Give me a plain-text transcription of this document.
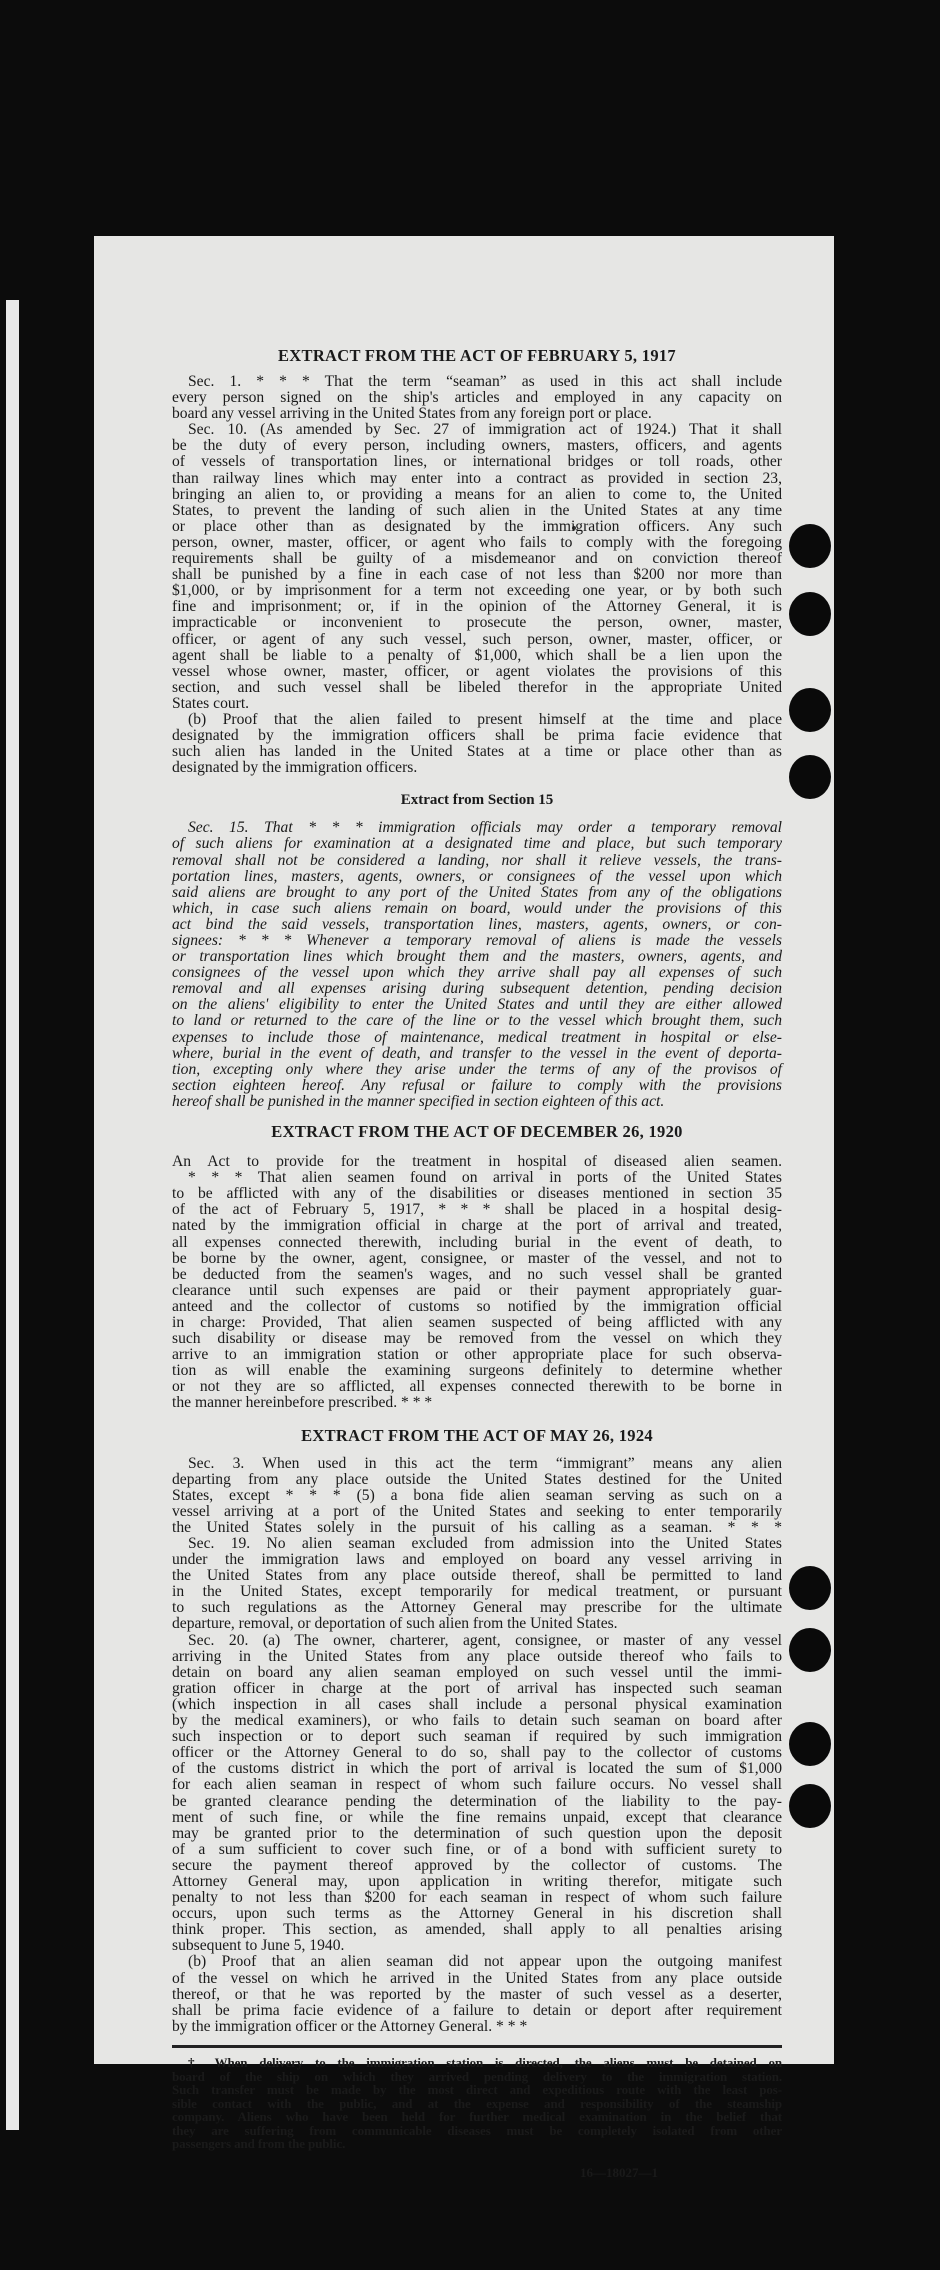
EXTRACT FROM THE ACT OF FEBRUARY 5, 1917
Sec. 1. * * * That the term “seaman” as used in this act shall include
every person signed on the ship's articles and employed in any capacity on
board any vessel arriving in the United States from any foreign port or place.
Sec. 10. (As amended by Sec. 27 of immigration act of 1924.) That it shall
be the duty of every person, including owners, masters, officers, and agents
of vessels of transportation lines, or international bridges or toll roads, other
than railway lines which may enter into a contract as provided in section 23,
bringing an alien to, or providing a means for an alien to come to, the United
States, to prevent the landing of such alien in the United States at any time
or place other than as designated by the immigration officers. Any such
person, owner, master, officer, or agent who fails to comply with the foregoing
requirements shall be guilty of a misdemeanor and on conviction thereof
shall be punished by a fine in each case of not less than $200 nor more than
$1,000, or by imprisonment for a term not exceeding one year, or by both such
fine and imprisonment; or, if in the opinion of the Attorney General, it is
impracticable or inconvenient to prosecute the person, owner, master,
officer, or agent of any such vessel, such person, owner, master, officer, or
agent shall be liable to a penalty of $1,000, which shall be a lien upon the
vessel whose owner, master, officer, or agent violates the provisions of this
section, and such vessel shall be libeled therefor in the appropriate United
States court.
(b) Proof that the alien failed to present himself at the time and place
designated by the immigration officers shall be prima facie evidence that
such alien has landed in the United States at a time or place other than as
designated by the immigration officers.
Extract from Section 15
Sec. 15. That * * * immigration officials may order a temporary removal
of such aliens for examination at a designated time and place, but such temporary
removal shall not be considered a landing, nor shall it relieve vessels, the trans-
portation lines, masters, agents, owners, or consignees of the vessel upon which
said aliens are brought to any port of the United States from any of the obligations
which, in case such aliens remain on board, would under the provisions of this
act bind the said vessels, transportation lines, masters, agents, owners, or con-
signees: * * * Whenever a temporary removal of aliens is made the vessels
or transportation lines which brought them and the masters, owners, agents, and
consignees of the vessel upon which they arrive shall pay all expenses of such
removal and all expenses arising during subsequent detention, pending decision
on the aliens' eligibility to enter the United States and until they are either allowed
to land or returned to the care of the line or to the vessel which brought them, such
expenses to include those of maintenance, medical treatment in hospital or else-
where, burial in the event of death, and transfer to the vessel in the event of deporta-
tion, excepting only where they arise under the terms of any of the provisos of
section eighteen hereof. Any refusal or failure to comply with the provisions
hereof shall be punished in the manner specified in section eighteen of this act.
EXTRACT FROM THE ACT OF DECEMBER 26, 1920
An Act to provide for the treatment in hospital of diseased alien seamen.
* * * That alien seamen found on arrival in ports of the United States
to be afflicted with any of the disabilities or diseases mentioned in section 35
of the act of February 5, 1917, * * * shall be placed in a hospital desig-
nated by the immigration official in charge at the port of arrival and treated,
all expenses connected therewith, including burial in the event of death, to
be borne by the owner, agent, consignee, or master of the vessel, and not to
be deducted from the seamen's wages, and no such vessel shall be granted
clearance until such expenses are paid or their payment appropriately guar-
anteed and the collector of customs so notified by the immigration official
in charge: Provided, That alien seamen suspected of being afflicted with any
such disability or disease may be removed from the vessel on which they
arrive to an immigration station or other appropriate place for such observa-
tion as will enable the examining surgeons definitely to determine whether
or not they are so afflicted, all expenses connected therewith to be borne in
the manner hereinbefore prescribed. * * *
EXTRACT FROM THE ACT OF MAY 26, 1924
Sec. 3. When used in this act the term “immigrant” means any alien
departing from any place outside the United States destined for the United
States, except * * * (5) a bona fide alien seaman serving as such on a
vessel arriving at a port of the United States and seeking to enter temporarily
the United States solely in the pursuit of his calling as a seaman. * * *
Sec. 19. No alien seaman excluded from admission into the United States
under the immigration laws and employed on board any vessel arriving in
the United States from any place outside thereof, shall be permitted to land
in the United States, except temporarily for medical treatment, or pursuant
to such regulations as the Attorney General may prescribe for the ultimate
departure, removal, or deportation of such alien from the United States.
Sec. 20. (a) The owner, charterer, agent, consignee, or master of any vessel
arriving in the United States from any place outside thereof who fails to
detain on board any alien seaman employed on such vessel until the immi-
gration officer in charge at the port of arrival has inspected such seaman
(which inspection in all cases shall include a personal physical examination
by the medical examiners), or who fails to detain such seaman on board after
such inspection or to deport such seaman if required by such immigration
officer or the Attorney General to do so, shall pay to the collector of customs
of the customs district in which the port of arrival is located the sum of $1,000
for each alien seaman in respect of whom such failure occurs. No vessel shall
be granted clearance pending the determination of the liability to the pay-
ment of such fine, or while the fine remains unpaid, except that clearance
may be granted prior to the determination of such question upon the deposit
of a sum sufficient to cover such fine, or of a bond with sufficient surety to
secure the payment thereof approved by the collector of customs. The
Attorney General may, upon application in writing therefor, mitigate such
penalty to not less than $200 for each seaman in respect of whom such failure
occurs, upon such terms as the Attorney General in his discretion shall
think proper. This section, as amended, shall apply to all penalties arising
subsequent to June 5, 1940.
(b) Proof that an alien seaman did not appear upon the outgoing manifest
of the vessel on which he arrived in the United States from any place outside
thereof, or that he was reported by the master of such vessel as a deserter,
shall be prima facie evidence of a failure to detain or deport after requirement
by the immigration officer or the Attorney General. * * *
† When delivery to the immigration station is directed, the aliens must be detained on
board of the ship on which they arrived pending delivery to the immigration station.
Such transfer must be made by the most direct and expeditious route with the least pos-
sible contact with the public, and at the expense and responsibility of the steamship
company. Aliens who have been held for further medical examination in the belief that
they are suffering from communicable diseases must be completely isolated from other
passengers and from the public.
16—18027—1
